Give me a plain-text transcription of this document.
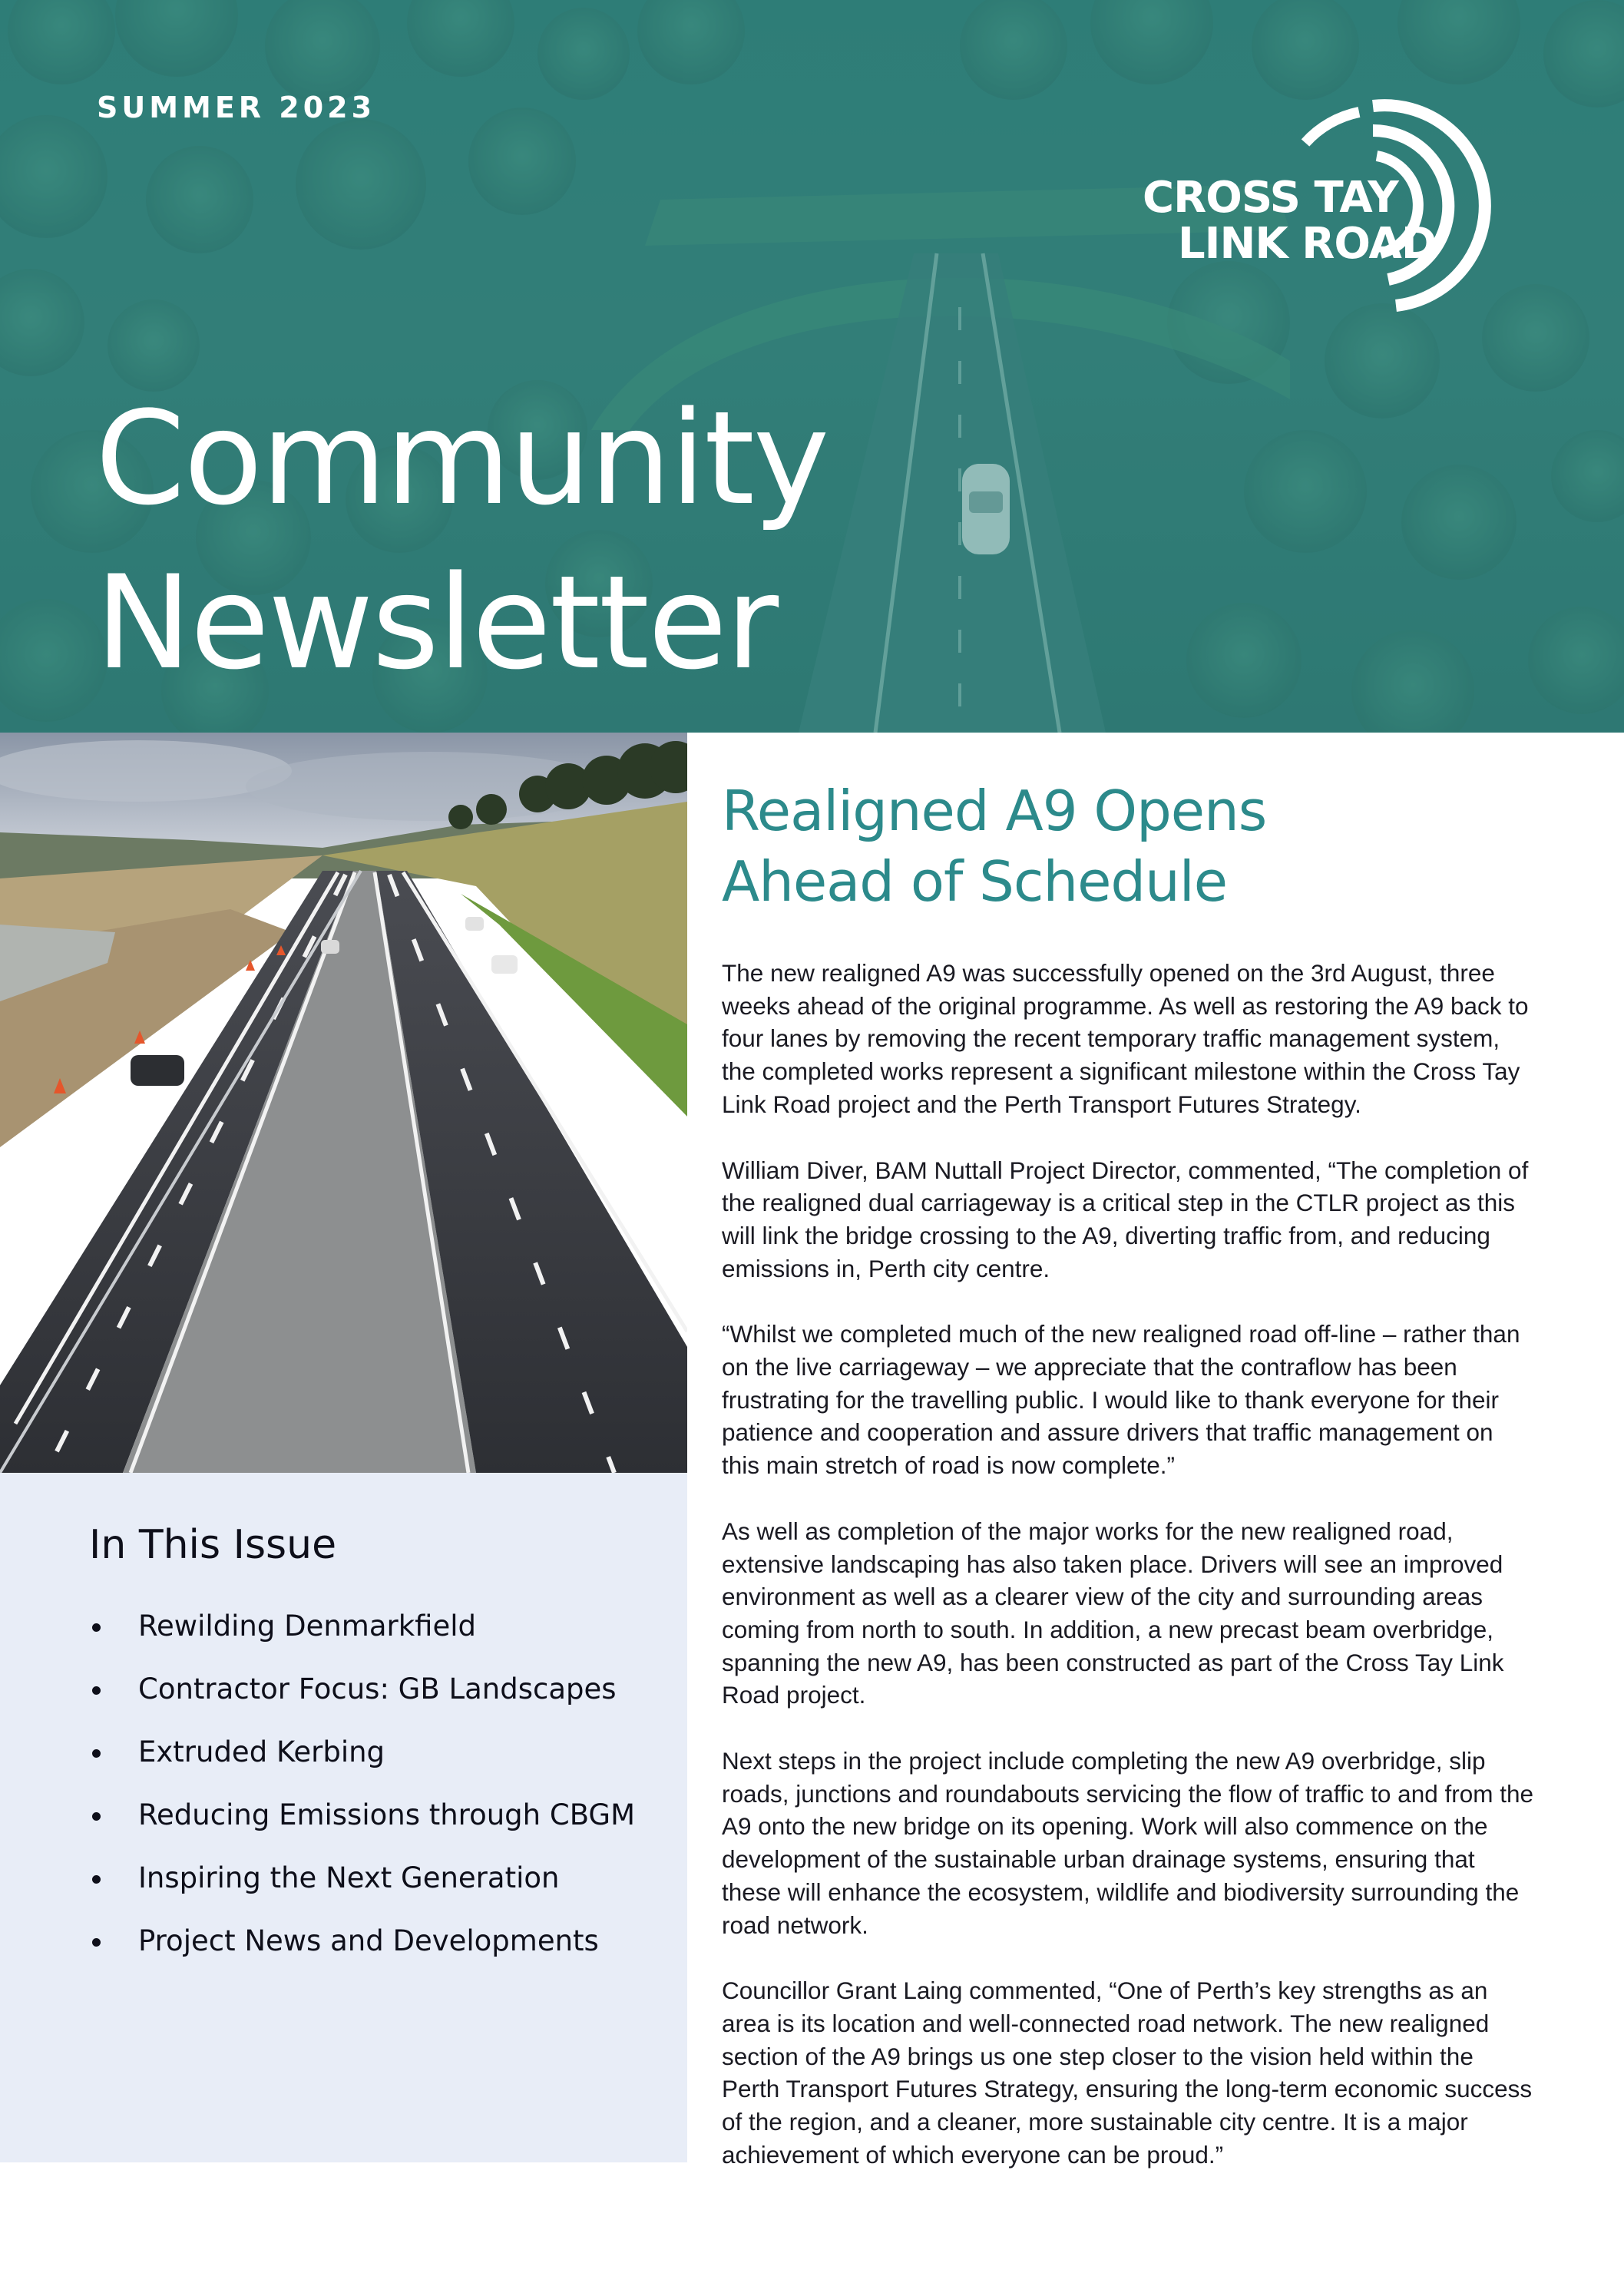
SUMMER 2023
Community
Newsletter
CROSS TAY
LINK ROAD
In This Issue
Rewilding Denmarkfield
Contractor Focus: GB Landscapes
Extruded Kerbing
Reducing Emissions through CBGM
Inspiring the Next Generation
Project News and Developments
Realigned A9 Opens
Ahead of Schedule

The new realigned A9 was successfully opened on the 3rd August, three weeks ahead of the original programme. As well as restoring the A9 back to four lanes by removing the recent temporary traffic management system, the completed works represent a significant milestone within the Cross Tay Link Road project and the Perth Transport Futures Strategy.

William Diver, BAM Nuttall Project Director, commented, “The completion of the realigned dual carriageway is a critical step in the CTLR project as this will link the bridge crossing to the A9, diverting traffic from, and reducing emissions in, Perth city centre.

“Whilst we completed much of the new realigned road off-line – rather than on the live carriageway – we appreciate that the contraflow has been frustrating for the travelling public. I would like to thank everyone for their patience and cooperation and assure drivers that traffic management on this main stretch of road is now complete.”

As well as completion of the major works for the new realigned road, extensive landscaping has also taken place. Drivers will see an improved environment as well as a clearer view of the city and surrounding areas coming from north to south. In addition, a new precast beam overbridge, spanning the new A9, has been constructed as part of the Cross Tay Link Road project.

Next steps in the project include completing the new A9 overbridge, slip roads, junctions and roundabouts servicing the flow of traffic to and from the A9 onto the new bridge on its opening. Work will also commence on the development of the sustainable urban drainage systems, ensuring that these will enhance the ecosystem, wildlife and biodiversity surrounding the road network.

Councillor Grant Laing commented, “One of Perth’s key strengths as an area is its location and well-connected road network. The new realigned section of the A9 brings us one step closer to the vision held within the Perth Transport Futures Strategy, ensuring the long-term economic success of the region, and a cleaner, more sustainable city centre. It is a major achievement of which everyone can be proud.”
